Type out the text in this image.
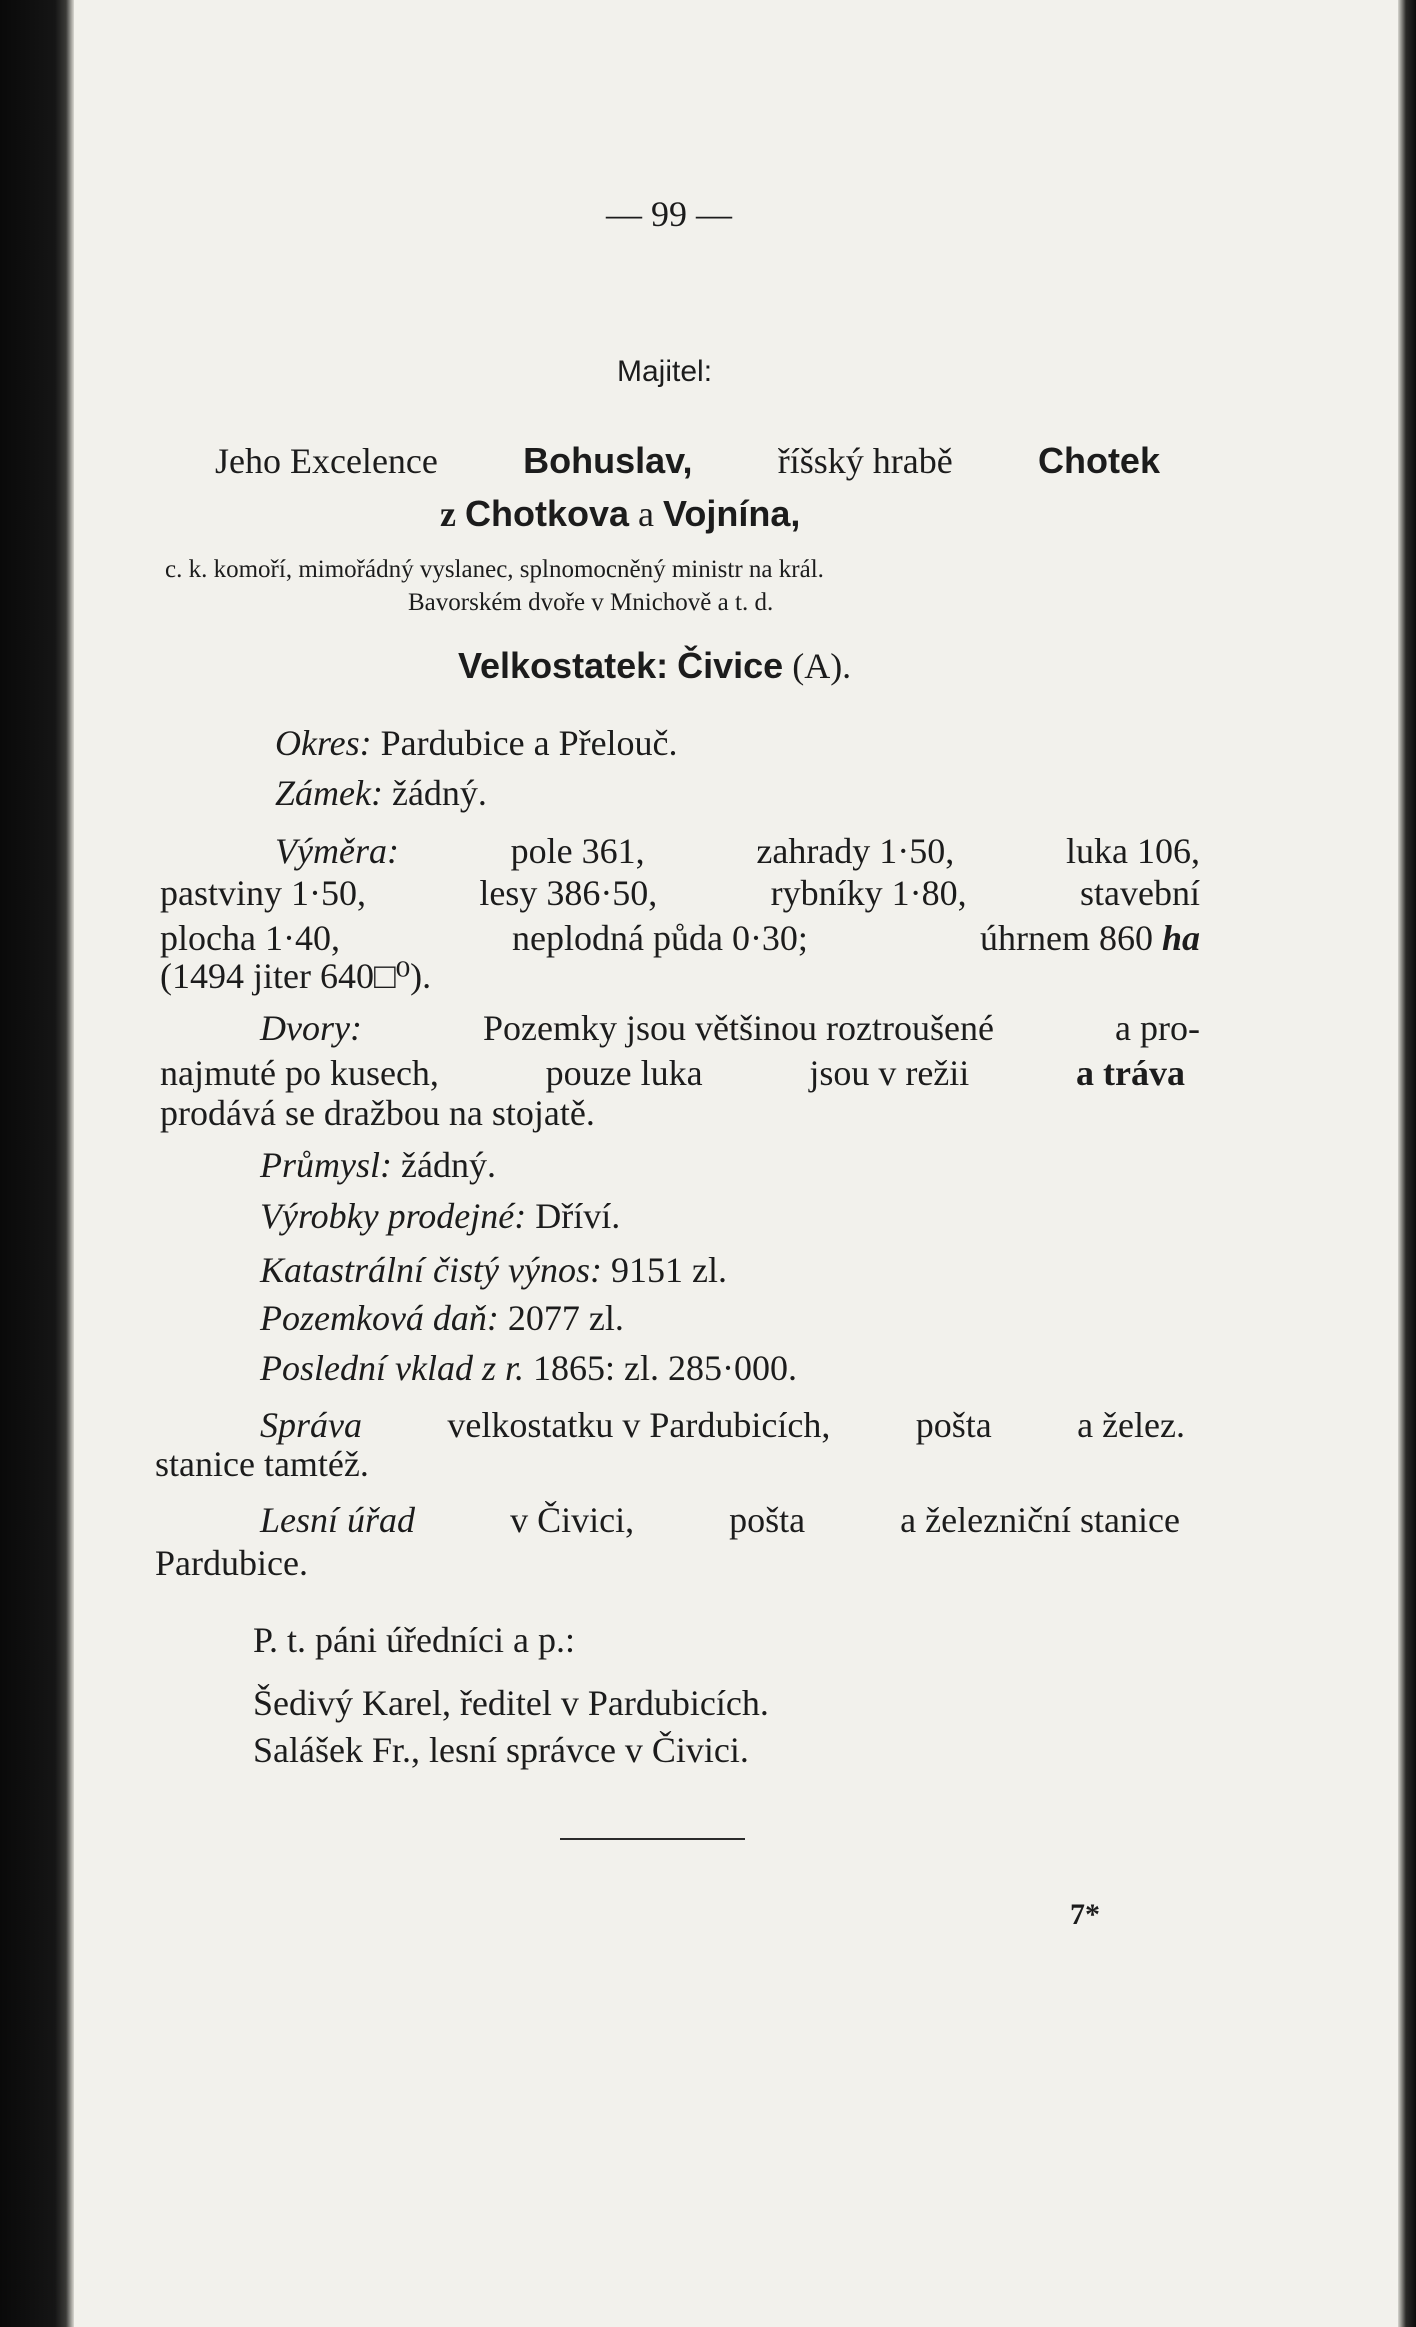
— 99 —
Majitel:
Jeho Excelence Bohuslav, říšský hrabě Chotek
z Chotkova a Vojnína,
c. k. komoří, mimořádný vyslanec, splnomocněný ministr na král.
Bavorském dvoře v Mnichově a t. d.
Velkostatek: Čivice (A).
Okres: Pardubice a Přelouč.
Zámek: žádný.
Výměra:	pole 361,	zahrady 1·50,	luka 106,
pastviny 1·50,	lesy 386·50,	rybníky 1·80,	stavební
plocha 1·40,	neplodná půda 0·30;	úhrnem 860 ha
(1494 jiter 640□⁰).
Dvory:	Pozemky jsou většinou roztroušené	a pro-
najmuté po kusech,	pouze luka	jsou v režii	a tráva
prodává se dražbou na stojatě.
Průmysl: žádný.
Výrobky prodejné: Dříví.
Katastrální čistý výnos: 9151 zl.
Pozemková daň: 2077 zl.
Poslední vklad z r. 1865: zl. 285·000.
Správa velkostatku v Pardubicích, pošta a želez.
stanice tamtéž.
Lesní úřad	v Čivici,	pošta	a železniční stanice
Pardubice.
P. t. páni úředníci a p.:
Šedivý Karel, ředitel v Pardubicích.
Salášek Fr., lesní správce v Čivici.
7*
